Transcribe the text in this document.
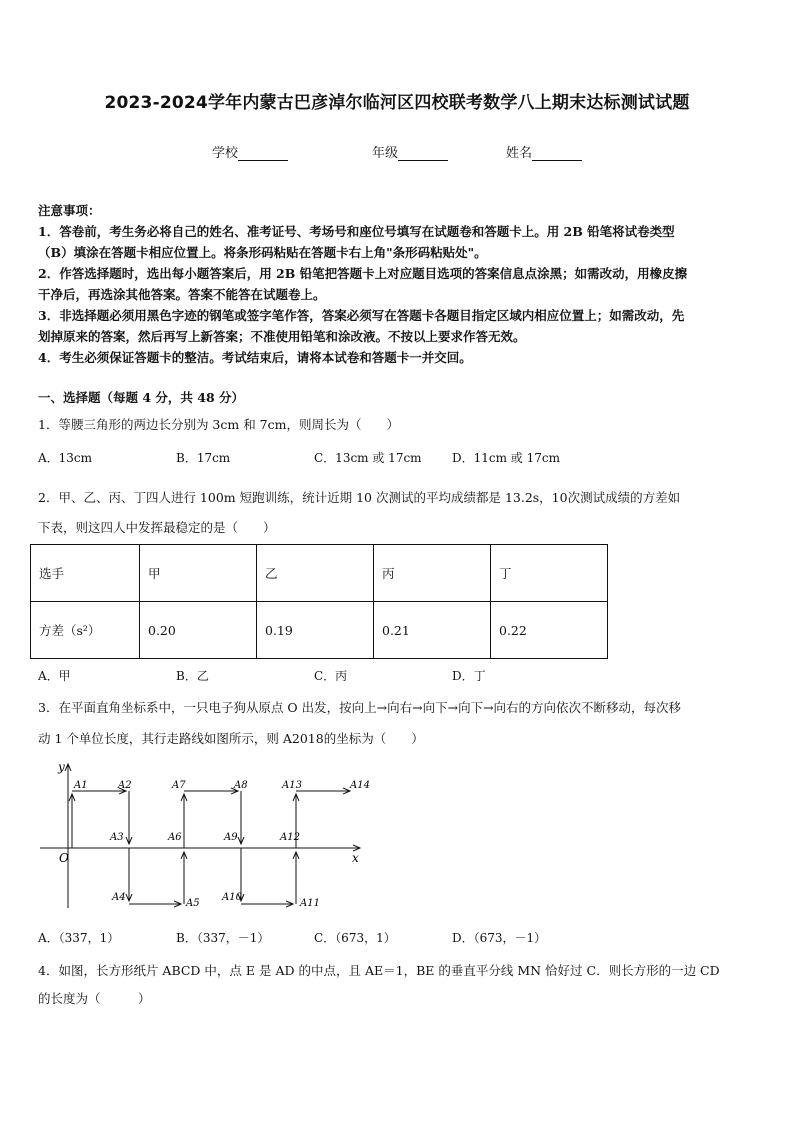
2023-2024学年内蒙古巴彦淖尔临河区四校联考数学八上期末达标测试试题
学校	年级	姓名
注意事项：
1．答卷前，考生务必将自己的姓名、准考证号、考场号和座位号填写在试题卷和答题卡上。用 2B 铅笔将试卷类型
（B）填涂在答题卡相应位置上。将条形码粘贴在答题卡右上角"条形码粘贴处"。
2．作答选择题时，选出每小题答案后，用 2B 铅笔把答题卡上对应题目选项的答案信息点涂黑；如需改动，用橡皮擦
干净后，再选涂其他答案。答案不能答在试题卷上。
3．非选择题必须用黑色字迹的钢笔或签字笔作答，答案必须写在答题卡各题目指定区域内相应位置上；如需改动，先
划掉原来的答案，然后再写上新答案；不准使用铅笔和涂改液。不按以上要求作答无效。
4．考生必须保证答题卡的整洁。考试结束后，请将本试卷和答题卡一并交回。
一、选择题（每题 4 分，共 48 分）
1．等腰三角形的两边长分别为 3cm 和 7cm，则周长为（　　）
A．13cm	B．17cm	C．13cm 或 17cm	D．11cm 或 17cm
2．甲、乙、丙、丁四人进行 100m 短跑训练，统计近期 10 次测试的平均成绩都是 13.2s，10次测试成绩的方差如
下表，则这四人中发挥最稳定的是（　　）
选手	甲	乙	丙	丁
方差（s²）	0.20	0.19	0.21	0.22
A．甲	B．乙	C．丙	D．丁
3．在平面直角坐标系中，一只电子狗从原点 O 出发，按向上→向右→向下→向下→向右的方向依次不断移动，每次移
动 1 个单位长度，其行走路线如图所示，则 A2018的坐标为（　　）
y
x
O
A1	A2	A7	A8	A13	A14
A3	A6	A9	A12
A4
A5
A10
A11
A．（337，1）	B．（337，－1）	C．（673，1）	D．（673，－1）
4．如图，长方形纸片 ABCD 中，点 E 是 AD 的中点，且 AE＝1，BE 的垂直平分线 MN 恰好过 C．则长方形的一边 CD
的长度为（　　　）
